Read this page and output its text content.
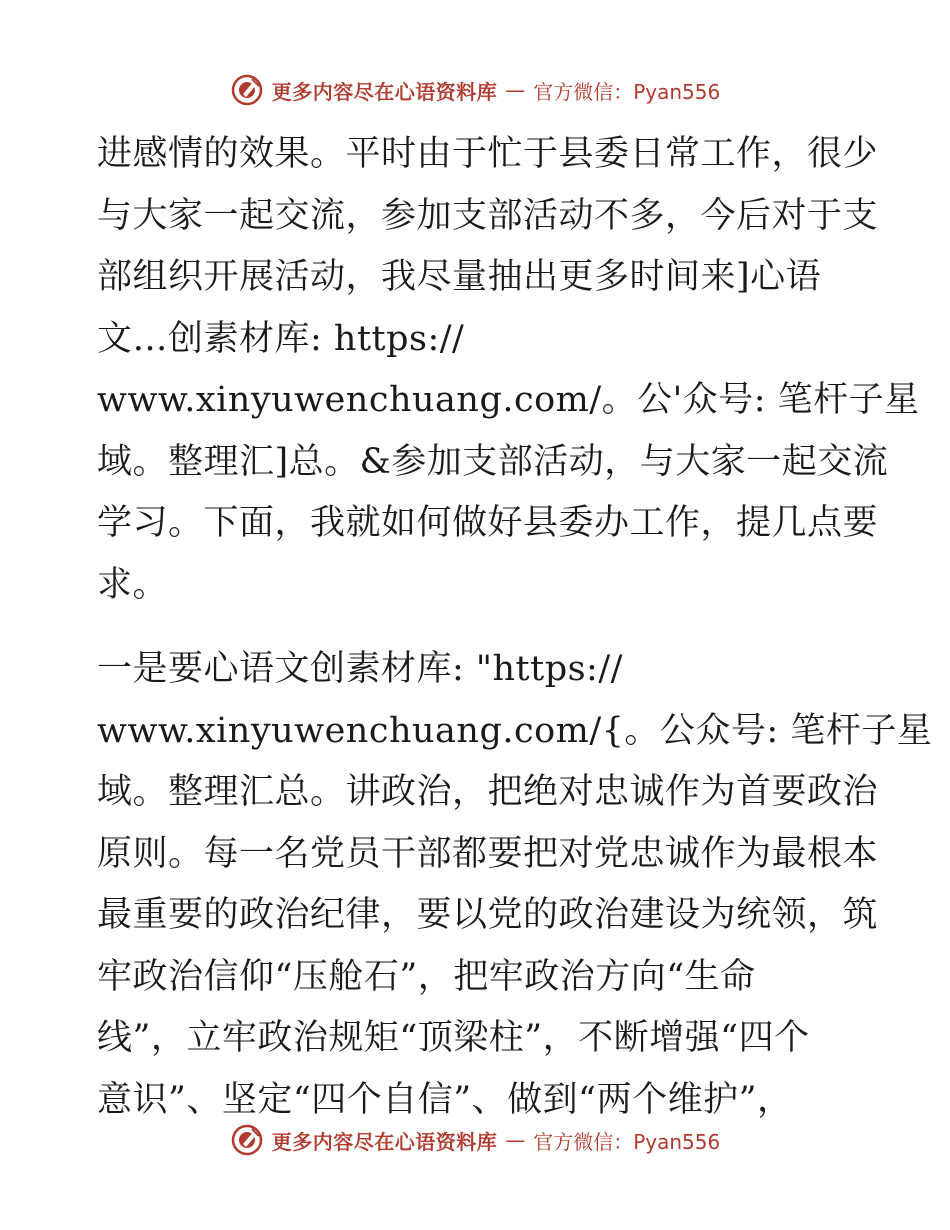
更多内容尽在心语资料库 — 官方微信：Pyan556
进感情的效果。平时由于忙于县委日常工作，很少
与大家一起交流，参加支部活动不多，今后对于支
部组织开展活动，我尽量抽出更多时间来]心语
文…创素材库: https://
www.xinyuwenchuang.com/。公'众号: 笔杆子星
域。整理汇]总。&参加支部活动，与大家一起交流
学习。下面，我就如何做好县委办工作，提几点要
求。
一是要心语文创素材库: "https://
www.xinyuwenchuang.com/{。公众号: 笔杆子星
域。整理汇总。讲政治，把绝对忠诚作为首要政治
原则。每一名党员干部都要把对党忠诚作为最根本
最重要的政治纪律，要以党的政治建设为统领，筑
牢政治信仰“压舱石”，把牢政治方向“生命
线”，立牢政治规矩“顶梁柱”，不断增强“四个
意识”、坚定“四个自信”、做到“两个维护”，
更多内容尽在心语资料库 — 官方微信：Pyan556
